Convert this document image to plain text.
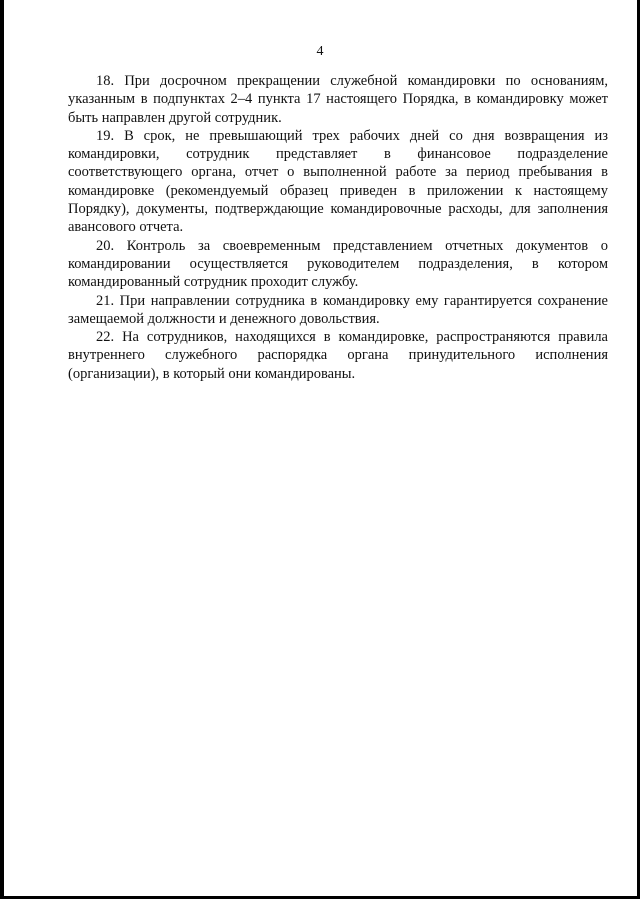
4

18. При досрочном прекращении служебной командировки по основаниям, указанным в подпунктах 2–4 пункта 17 настоящего Порядка, в командировку может быть направлен другой сотрудник.

19. В срок, не превышающий трех рабочих дней со дня возвращения из командировки, сотрудник представляет в финансовое подразделение соответствующего органа, отчет о выполненной работе за период пребывания в командировке (рекомендуемый образец приведен в приложении к настоящему Порядку), документы, подтверждающие командировочные расходы, для заполнения авансового отчета.

20. Контроль за своевременным представлением отчетных документов о командировании осуществляется руководителем подразделения, в котором командированный сотрудник проходит службу.

21. При направлении сотрудника в командировку ему гарантируется сохранение замещаемой должности и денежного довольствия.

22. На сотрудников, находящихся в командировке, распространяются правила внутреннего служебного распорядка органа принудительного исполнения (организации), в который они командированы.
